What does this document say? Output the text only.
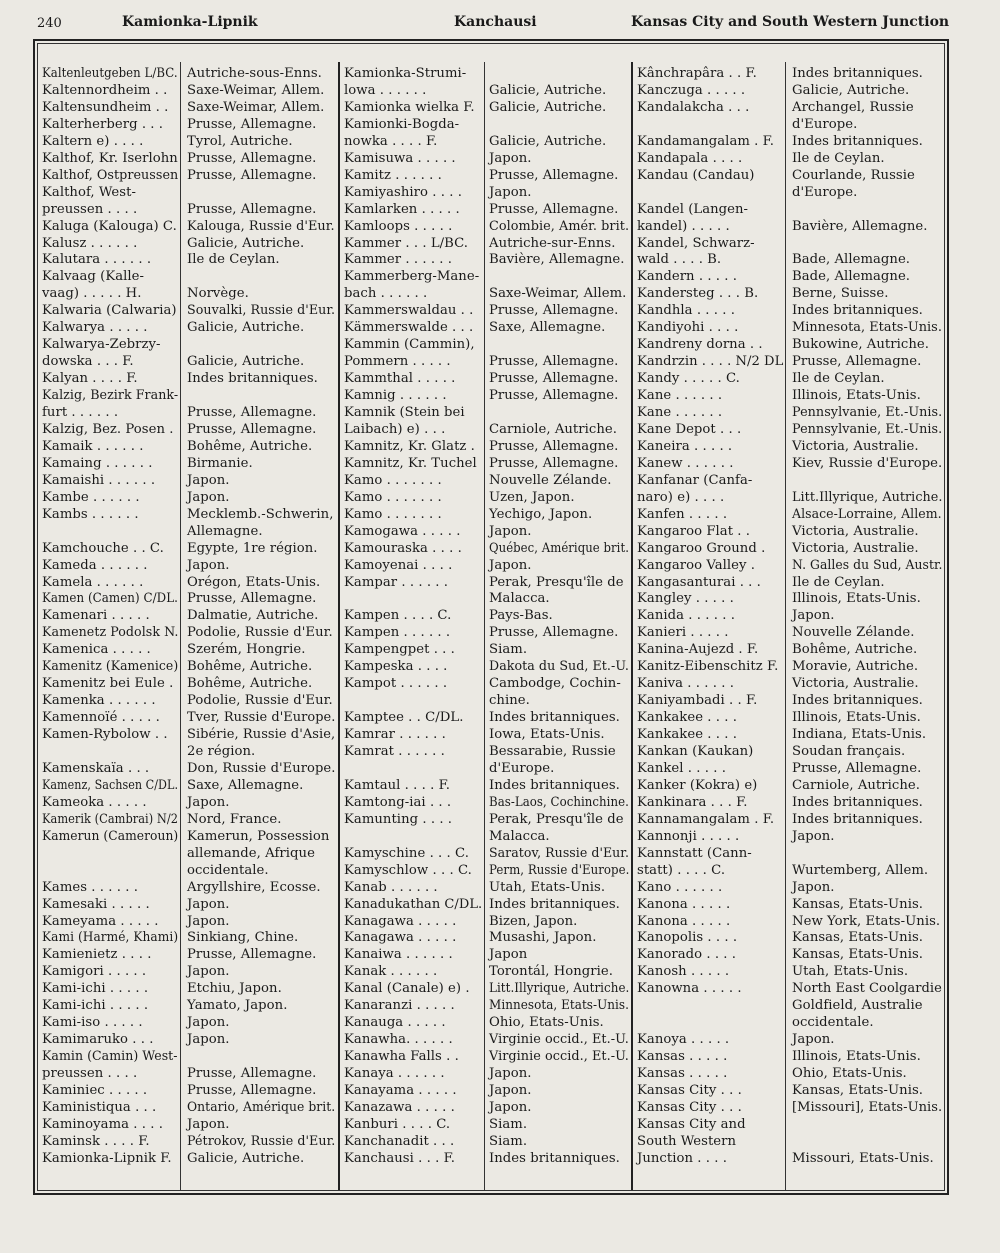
240	Kamionka-Lipnik	Kanchausi	Kansas City and South Western Junction
Kaltenleutgeben L/BC. Autriche-sous-Enns.
Kaltennordheim . . Saxe-Weimar, Allem.
Kaltensundheim . . Saxe-Weimar, Allem.
Kalterherberg . . . Prusse, Allemagne.
Kaltern e) . . . .	Tyrol, Autriche.
Kalthof, Kr. Iserlohn Prusse, Allemagne.
Kalthof, Ostpreussen Prusse, Allemagne.
Kalthof, West-
preussen . . . .	Prusse, Allemagne.
Kaluga (Kalouga) C. Kalouga, Russie d'Eur.
Kalusz . . . . . .	Galicie, Autriche.
Kalutara . . . . . .	Ile de Ceylan.
Kalvaag (Kalle-
vaag) . . . . . H.	Norvège.
Kalwaria (Calwaria) Souvalki, Russie d'Eur.
Kalwarya . . . . .	Galicie, Autriche.
Kalwarya-Zebrzy-
dowska . . . F.	Galicie, Autriche.
Kalyan . . . . F.	Indes britanniques.
Kalzig, Bezirk Frank-
furt . . . . . .	Prusse, Allemagne.
Kalzig, Bez. Posen . Prusse, Allemagne.
Kamaik . . . . . .	Bohême, Autriche.
Kamaing . . . . . .	Birmanie.
Kamaishi . . . . . . Japon.
Kambe . . . . . .	Japon.
Kambs . . . . . .	Mecklemb.-Schwerin,
Allemagne.
Kamchouche . . C. Egypte, 1re région.
Kameda . . . . . .	Japon.
Kamela . . . . . .	Orégon, Etats-Unis.
Kamen (Camen) C/DL. Prusse, Allemagne.
Kamenari . . . . .	Dalmatie, Autriche.
Kamenetz Podolsk N. Podolie, Russie d'Eur.
Kamenica . . . . .	Szerém, Hongrie.
Kamenitz (Kamenice) Bohême, Autriche.
Kamenitz bei Eule . Bohême, Autriche.
Kamenka . . . . . . Podolie, Russie d'Eur.
Kamennoïé . . . . . Tver, Russie d'Europe.
Kamen-Rybolow . . Sibérie, Russie d'Asie,
2e région.
Kamenskaïa . . .	Don, Russie d'Europe.
Kamenz, Sachsen C/DL. Saxe, Allemagne.
Kameoka . . . . .	Japon.
Kamerik (Cambrai) N/2 Nord, France.
Kamerun (Cameroun) Kamerun, Possession
allemande, Afrique
occidentale.
Kames . . . . . .	Argyllshire, Ecosse.
Kamesaki . . . . .	Japon.
Kameyama . . . . . Japon.
Kami (Harmé, Khami) Sinkiang, Chine.
Kamienietz . . . .	Prusse, Allemagne.
Kamigori . . . . .	Japon.
Kami-ichi . . . . .	Etchiu, Japon.
Kami-ichi . . . . .	Yamato, Japon.
Kami-iso . . . . .	Japon.
Kamimaruko . . .	Japon.
Kamin (Camin) West-
preussen . . . .	Prusse, Allemagne.
Kaminiec . . . . .	Prusse, Allemagne.
Kaministiqua . . . Ontario, Amérique brit.
Kaminoyama . . . . Japon.
Kaminsk . . . . F.	Pétrokov, Russie d'Eur.
Kamionka-Lipnik F. Galicie, Autriche.
Kamionka-Strumi-
lowa . . . . . .	Galicie, Autriche.
Kamionka wielka F. Galicie, Autriche.
Kamionki-Bogda-
nowka . . . . F.	Galicie, Autriche.
Kamisuwa . . . . .	Japon.
Kamitz . . . . . .	Prusse, Allemagne.
Kamiyashiro . . . . Japon.
Kamlarken . . . . . Prusse, Allemagne.
Kamloops . . . . .	Colombie, Amér. brit.
Kammer . . . L/BC. Autriche-sur-Enns.
Kammer . . . . . .	Bavière, Allemagne.
Kammerberg-Mane-
bach . . . . . .	Saxe-Weimar, Allem.
Kammerswaldau . . Prusse, Allemagne.
Kämmerswalde . . . Saxe, Allemagne.
Kammin (Cammin),
Pommern . . . . .	Prusse, Allemagne.
Kammthal . . . . .	Prusse, Allemagne.
Kamnig . . . . . .	Prusse, Allemagne.
Kamnik (Stein bei
Laibach) e) . . .	Carniole, Autriche.
Kamnitz, Kr. Glatz . Prusse, Allemagne.
Kamnitz, Kr. Tuchel Prusse, Allemagne.
Kamo . . . . . . .	Nouvelle Zélande.
Kamo . . . . . . .	Uzen, Japon.
Kamo . . . . . . .	Yechigo, Japon.
Kamogawa . . . . . Japon.
Kamouraska . . . . Québec, Amérique brit.
Kamoyenai . . . .	Japon.
Kampar . . . . . .	Perak, Presqu'île de
Malacca.
Kampen . . . . C.	Pays-Bas.
Kampen . . . . . .	Prusse, Allemagne.
Kampengpet . . .	Siam.
Kampeska . . . .	Dakota du Sud, Et.-U.
Kampot . . . . . .	Cambodge, Cochin-
chine.
Kamptee . . C/DL. Indes britanniques.
Kamrar . . . . . .	Iowa, Etats-Unis.
Kamrat . . . . . .	Bessarabie, Russie
d'Europe.
Kamtaul . . . . F.	Indes britanniques.
Kamtong-iai . . .	Bas-Laos, Cochinchine.
Kamunting . . . .	Perak, Presqu'île de
Malacca.
Kamyschine . . . C. Saratov, Russie d'Eur.
Kamyschlow . . . C. Perm, Russie d'Europe.
Kanab . . . . . .	Utah, Etats-Unis.
Kanadukathan C/DL. Indes britanniques.
Kanagawa . . . . . Bizen, Japon.
Kanagawa . . . . . Musashi, Japon.
Kanaiwa . . . . . .	Japon
Kanak . . . . . .	Torontál, Hongrie.
Kanal (Canale) e) . Litt.Illyrique, Autriche.
Kanaranzi . . . . .	Minnesota, Etats-Unis.
Kanauga . . . . .	Ohio, Etats-Unis.
Kanawha. . . . . .	Virginie occid., Et.-U.
Kanawha Falls . . Virginie occid., Et.-U.
Kanaya . . . . . .	Japon.
Kanayama . . . . . Japon.
Kanazawa . . . . .	Japon.
Kanburi . . . . C.	Siam.
Kanchanadit . . .	Siam.
Kanchausi . . . F.	Indes britanniques.
Kânchrapâra . . F.	Indes britanniques.
Kanczuga . . . . .	Galicie, Autriche.
Kandalakcha . . .	Archangel, Russie
d'Europe.
Kandamangalam . F. Indes britanniques.
Kandapala . . . .	Ile de Ceylan.
Kandau (Candau)	Courlande, Russie
d'Europe.
Kandel (Langen-
kandel) . . . . .	Bavière, Allemagne.
Kandel, Schwarz-
wald . . . . B.	Bade, Allemagne.
Kandern . . . . .	Bade, Allemagne.
Kandersteg . . . B.	Berne, Suisse.
Kandhla . . . . .	Indes britanniques.
Kandiyohi . . . .	Minnesota, Etats-Unis.
Kandreny dorna . . Bukowine, Autriche.
Kandrzin . . . . N/2 DL Prusse, Allemagne.
Kandy . . . . . C.	Ile de Ceylan.
Kane . . . . . .	Illinois, Etats-Unis.
Kane . . . . . .	Pennsylvanie, Et.-Unis.
Kane Depot . . .	Pennsylvanie, Et.-Unis.
Kaneira . . . . .	Victoria, Australie.
Kanew . . . . . .	Kiev, Russie d'Europe.
Kanfanar (Canfa-
naro) e) . . . .	Litt.Illyrique, Autriche.
Kanfen . . . . .	Alsace-Lorraine, Allem.
Kangaroo Flat . .	Victoria, Australie.
Kangaroo Ground . Victoria, Australie.
Kangaroo Valley .	N. Galles du Sud, Austr.
Kangasanturai . . . Ile de Ceylan.
Kangley . . . . .	Illinois, Etats-Unis.
Kanida . . . . . .	Japon.
Kanieri . . . . .	Nouvelle Zélande.
Kanina-Aujezd . F.	Bohême, Autriche.
Kanitz-Eibenschitz F. Moravie, Autriche.
Kaniva . . . . . .	Victoria, Australie.
Kaniyambadi . . F.	Indes britanniques.
Kankakee . . . .	Illinois, Etats-Unis.
Kankakee . . . .	Indiana, Etats-Unis.
Kankan (Kaukan)	Soudan français.
Kankel . . . . .	Prusse, Allemagne.
Kanker (Kokra) e)	Carniole, Autriche.
Kankinara . . . F.	Indes britanniques.
Kannamangalam . F. Indes britanniques.
Kannonji . . . . .	Japon.
Kannstatt (Cann-
statt) . . . . C.	Wurtemberg, Allem.
Kano . . . . . .	Japon.
Kanona . . . . .	Kansas, Etats-Unis.
Kanona . . . . .	New York, Etats-Unis.
Kanopolis . . . .	Kansas, Etats-Unis.
Kanorado . . . .	Kansas, Etats-Unis.
Kanosh . . . . .	Utah, Etats-Unis.
Kanowna . . . . .	North East Coolgardie
Goldfield, Australie
occidentale.
Kanoya . . . . .	Japon.
Kansas . . . . .	Illinois, Etats-Unis.
Kansas . . . . .	Ohio, Etats-Unis.
Kansas City . . .	Kansas, Etats-Unis.
Kansas City . . .	[Missouri], Etats-Unis.
Kansas City and
South Western
Junction . . . .	Missouri, Etats-Unis.
